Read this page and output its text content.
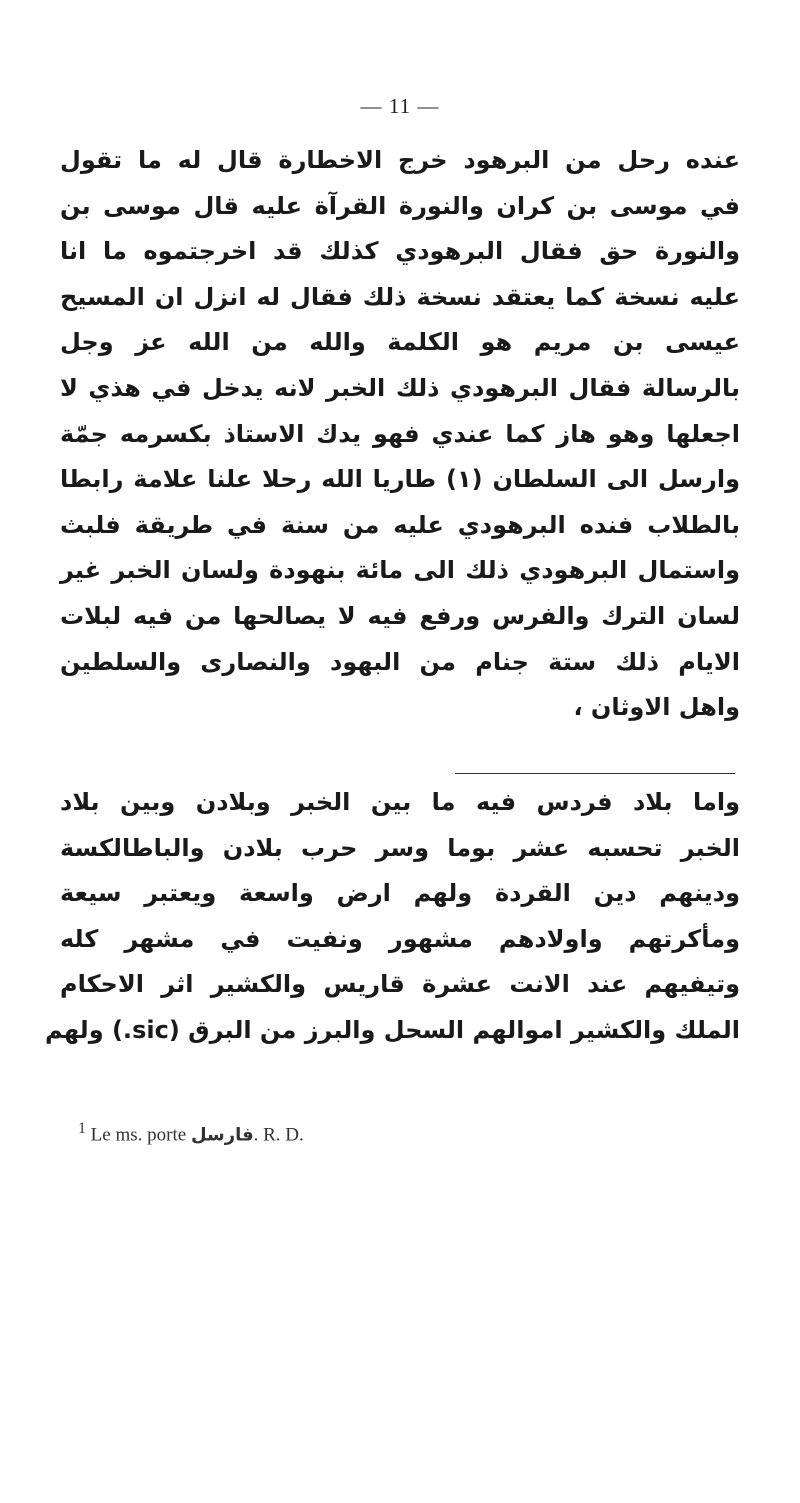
— 11 —
عنده رحل من البرهود خرج الاخطارة قال له ما تقول
في موسى بن كران والنورة القرآة عليه قال موسى بن
والنورة حق فقال البرهودي كذلك قد اخرجتموه ما انا
عليه نسخة كما يعتقد نسخة ذلك فقال له انزل ان المسيح
عيسى بن مريم هو الكلمة والله من الله عز وجل
بالرسالة فقال البرهودي ذلك الخبر لانه يدخل في هذي لا
اجعلها وهو هاز كما عندي فهو يدك الاستاذ بكسرمه جمّة
وارسل الى السلطان (١) طاريا الله رحلا علنا علامة رابطا
بالطلاب فنده البرهودي عليه من سنة في طريقة فلبث
واستمال البرهودي ذلك الى مائة بنهودة ولسان الخبر غير
لسان الترك والفرس ورفع فيه لا يصالحها من فيه لبلات
الايام ذلك ستة جنام من البهود والنصارى والسلطين
واهل الاوثان ،
واما بلاد فردس فيه ما بين الخبر وبلادن وبين بلاد
الخبر تحسبه عشر بوما وسر حرب بلادن والباطالكسة
ودينهم دين القردة ولهم ارض واسعة ويعتبر سيعة
ومأكرتهم واولادهم مشهور ونفيت في مشهر كله
وتيفيهم عند الانت عشرة قاريس والكشير اثر الاحكام
الملك والكشير اموالهم السحل والبرز من البرق (sic.) ولهم
$^1$ Le ms. porte فارسل. R. D.
